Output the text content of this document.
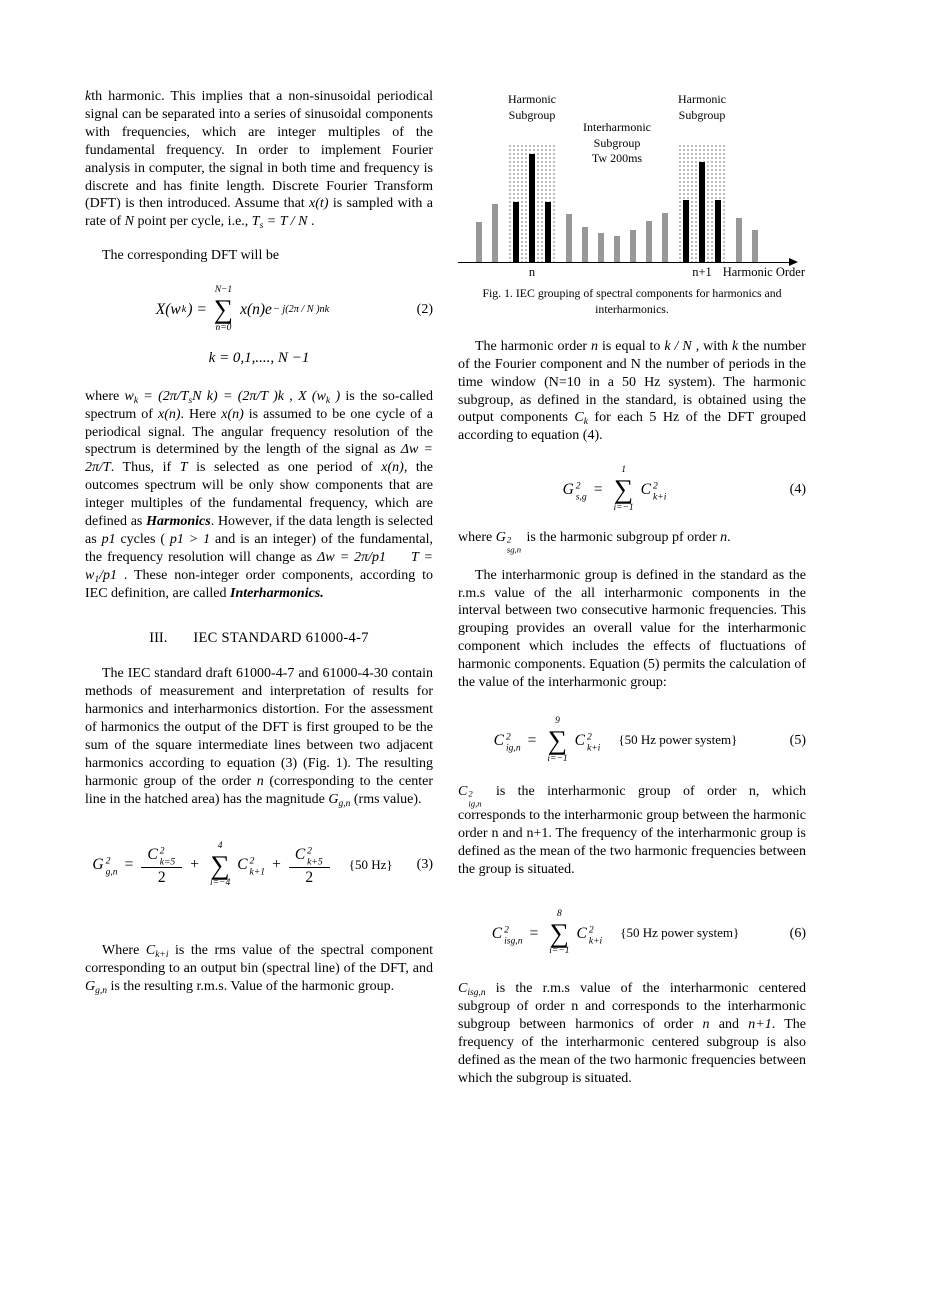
kth harmonic. This implies that a non-sinusoidal periodical signal can be separated into a series of sinusoidal components with frequencies, which are integer multiples of the fundamental frequency. In order to implement Fourier analysis in computer, the signal in both time and frequency is discrete and has finite length. Discrete Fourier Transform (DFT) is then introduced. Assume that x(t) is sampled with a rate of N point per cycle, i.e., $T_s = T / N$ .

The corresponding DFT will be

X(w k ) =
N−1
∑
n=0
x(n)e − j(2π / N )nk	(2)
k = 0,1,...., N −1

where $w_k = (2\pi/T_sN$ k) = (2π/T )k , X ($w_k$ ) is the so-called spectrum of x(n). Here x(n) is assumed to be one cycle of a periodical signal. The angular frequency resolution of the spectrum is determined by the length of the signal as Δw = 2π/T. Thus, if T is selected as one period of x(n), the outcomes spectrum will be only show components that are integer multiples of the fundamental frequency, which are defined as Harmonics. However, if the data length is selected as p1 cycles ( p1 > 1 and is an integer) of the fundamental, the frequency resolution will change as Δw = 2π/p1 $T = w_1/p1$ . These non-integer order components, according to IEC definition, are called Interharmonics.

III. IEC STANDARD 61000-4-7

The IEC standard draft 61000-4-7 and 61000-4-30 contain methods of measurement and interpretation of results for harmonics and interharmonics distortion. For the assessment of harmonics the output of the DFT is first grouped to be the sum of the square intermediate lines between two adjacent harmonics according to equation (3) (Fig. 1). The resulting harmonic group of the order n (corresponding to the center line in the hatched area) has the magnitude $G_{g,n}$ (rms value).

G 2
g,n = C 2
k=5
2 +
4
∑
i=−4
C 2
k+1 + C 2
k+5
2 {50 Hz} (3)

Where $C_{k+i}$ is the rms value of the spectral component corresponding to an output bin (spectral line) of the DFT, and $G_{g,n}$ is the resulting r.m.s. Value of the harmonic group.

Harmonic
Subgroup
Interharmonic
Subgroup
Tw 200ms
Harmonic
Subgroup
n	n+1 Harmonic Order
Fig. 1. IEC grouping of spectral components for harmonics and
interharmonics.

The harmonic order n is equal to k / N , with k the number of the Fourier component and N the number of periods in the time window (N=10 in a 50 Hz system). The harmonic subgroup, as defined in the standard, is obtained using the output components $C_k$ for each 5 Hz of the DFT grouped according to equation (4).

G 2
s,g =
1
∑
i=−1
C 2
k+i
(4)

where G 2
sg,n
is the harmonic subgroup pf order n.

The interharmonic group is defined in the standard as the r.m.s value of the all interharmonic components in the interval between two consecutive harmonic frequencies. This grouping provides an overall value for the interharmonic component which includes the effects of fluctuations of harmonic components. Equation (5) permits the calculation of the value of the interharmonic group:

C 2
ig,n =
9
∑
i=−1
C 2
k+i
{50 Hz power system}	(5)

C 2
ig,n
is the interharmonic group of order n, which corresponds to the interharmonic group between the harmonic order n and n+1. The frequency of the interharmonic group is defined as the mean of the two harmonic frequencies between the group is situated.

C 2
isg,n =
8
∑
i=−1
C 2
k+i
{50 Hz power system}	(6)

$C_{isg,n}$ is the r.m.s value of the interharmonic centered subgroup of order n and corresponds to the interharmonic subgroup between harmonics of order n and n+1. The frequency of the interharmonic centered subgroup is also defined as the mean of the two harmonic frequencies between which the subgroup is situated.
